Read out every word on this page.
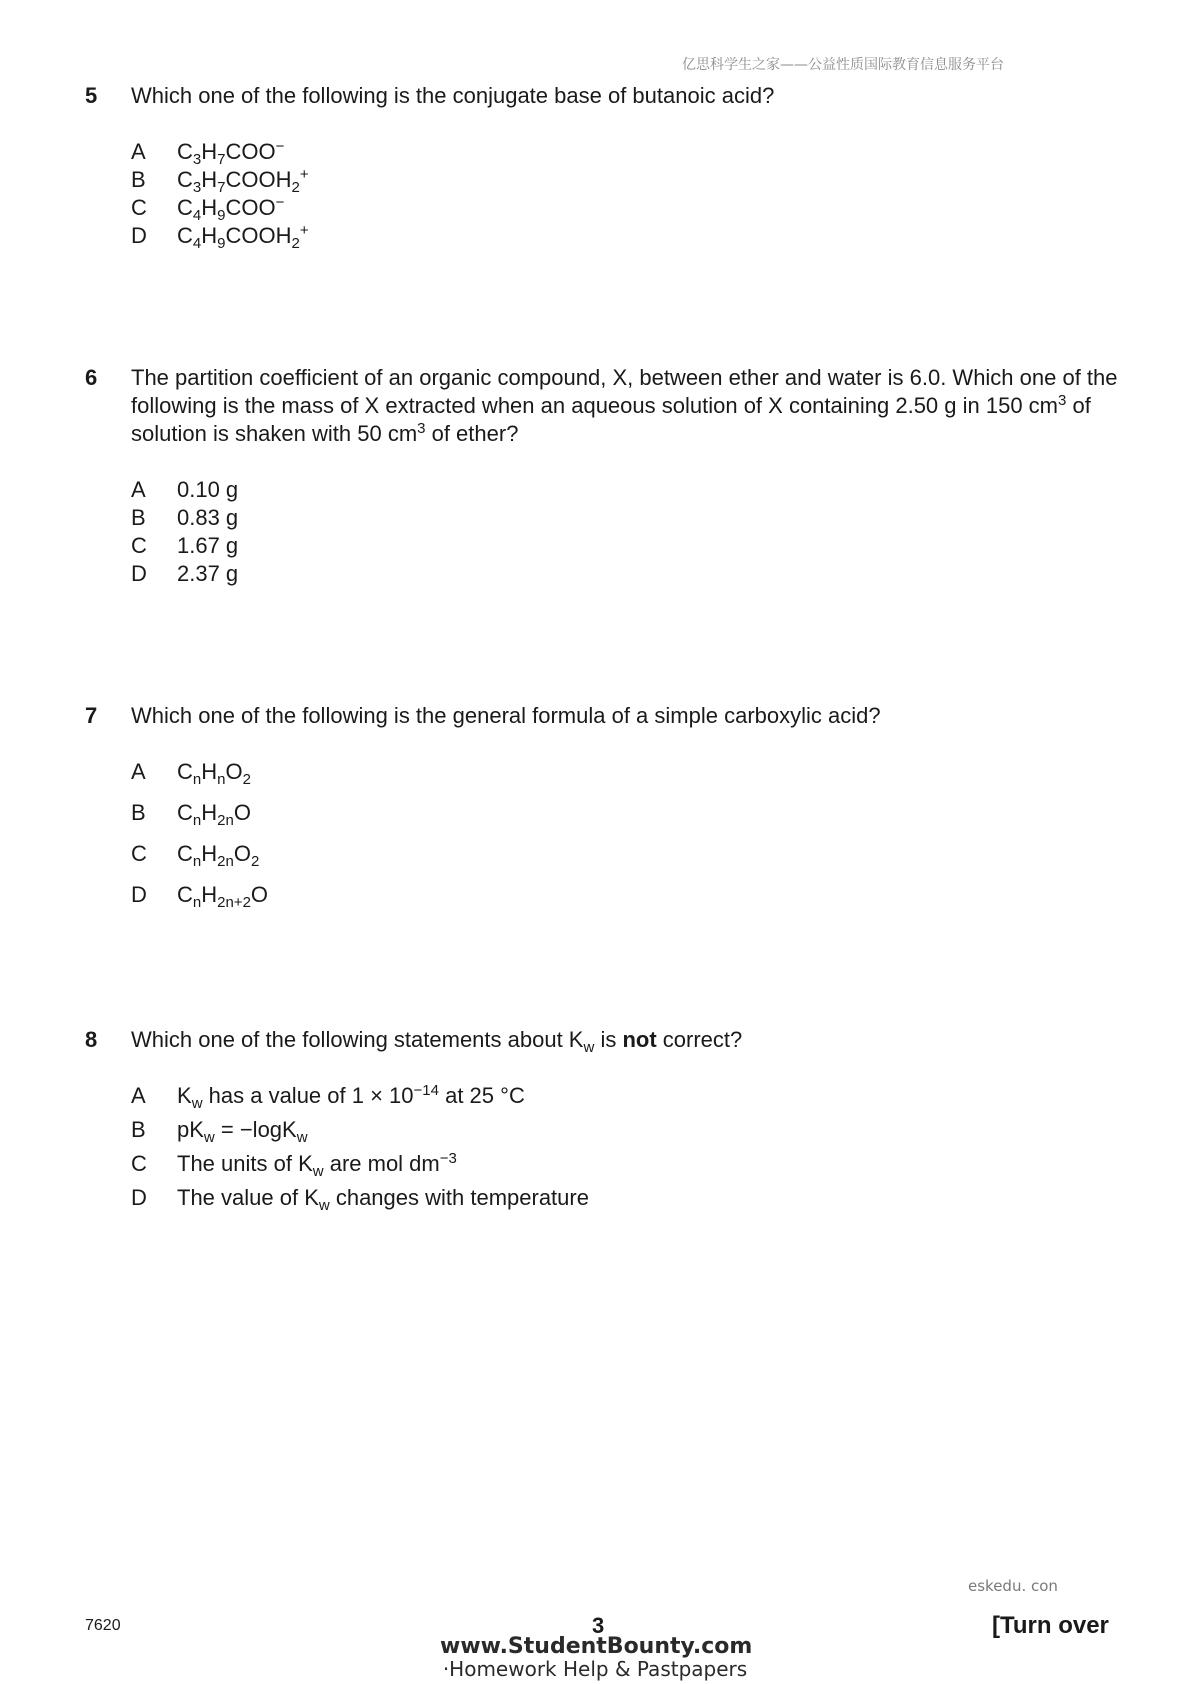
亿思科学生之家——公益性质国际教育信息服务平台
5 Which one of the following is the conjugate base of butanoic acid?
A $C_3H_7COO^-$
B $C_3H_7COOH_2^+$
C $C_4H_9COO^-$
D $C_4H_9COOH_2^+$
6 The partition coefficient of an organic compound, X, between ether and water is 6.0. Which one of the following is the mass of X extracted when an aqueous solution of X containing 2.50 g in 150 $cm^3$ of solution is shaken with 50 $cm^3$ of ether?
A 0.10 g
B 0.83 g
C 1.67 g
D 2.37 g
7 Which one of the following is the general formula of a simple carboxylic acid?
A $C_nH_nO_2$
B $C_nH_{2n}O$
C $C_nH_{2n}O_2$
D $C_nH_{2n+2}O$
8 Which one of the following statements about $K_w$ is not correct?
A $K_w$ has a value of $1 \times 10^{-14}$ at 25 °C
B $pK_w = -\log K_w$
C The units of $K_w$ are mol $dm^{-3}$
D The value of $K_w$ changes with temperature
eskedu. con
7620	3	[Turn over
www.StudentBounty.com
·Homework Help & Pastpapers
